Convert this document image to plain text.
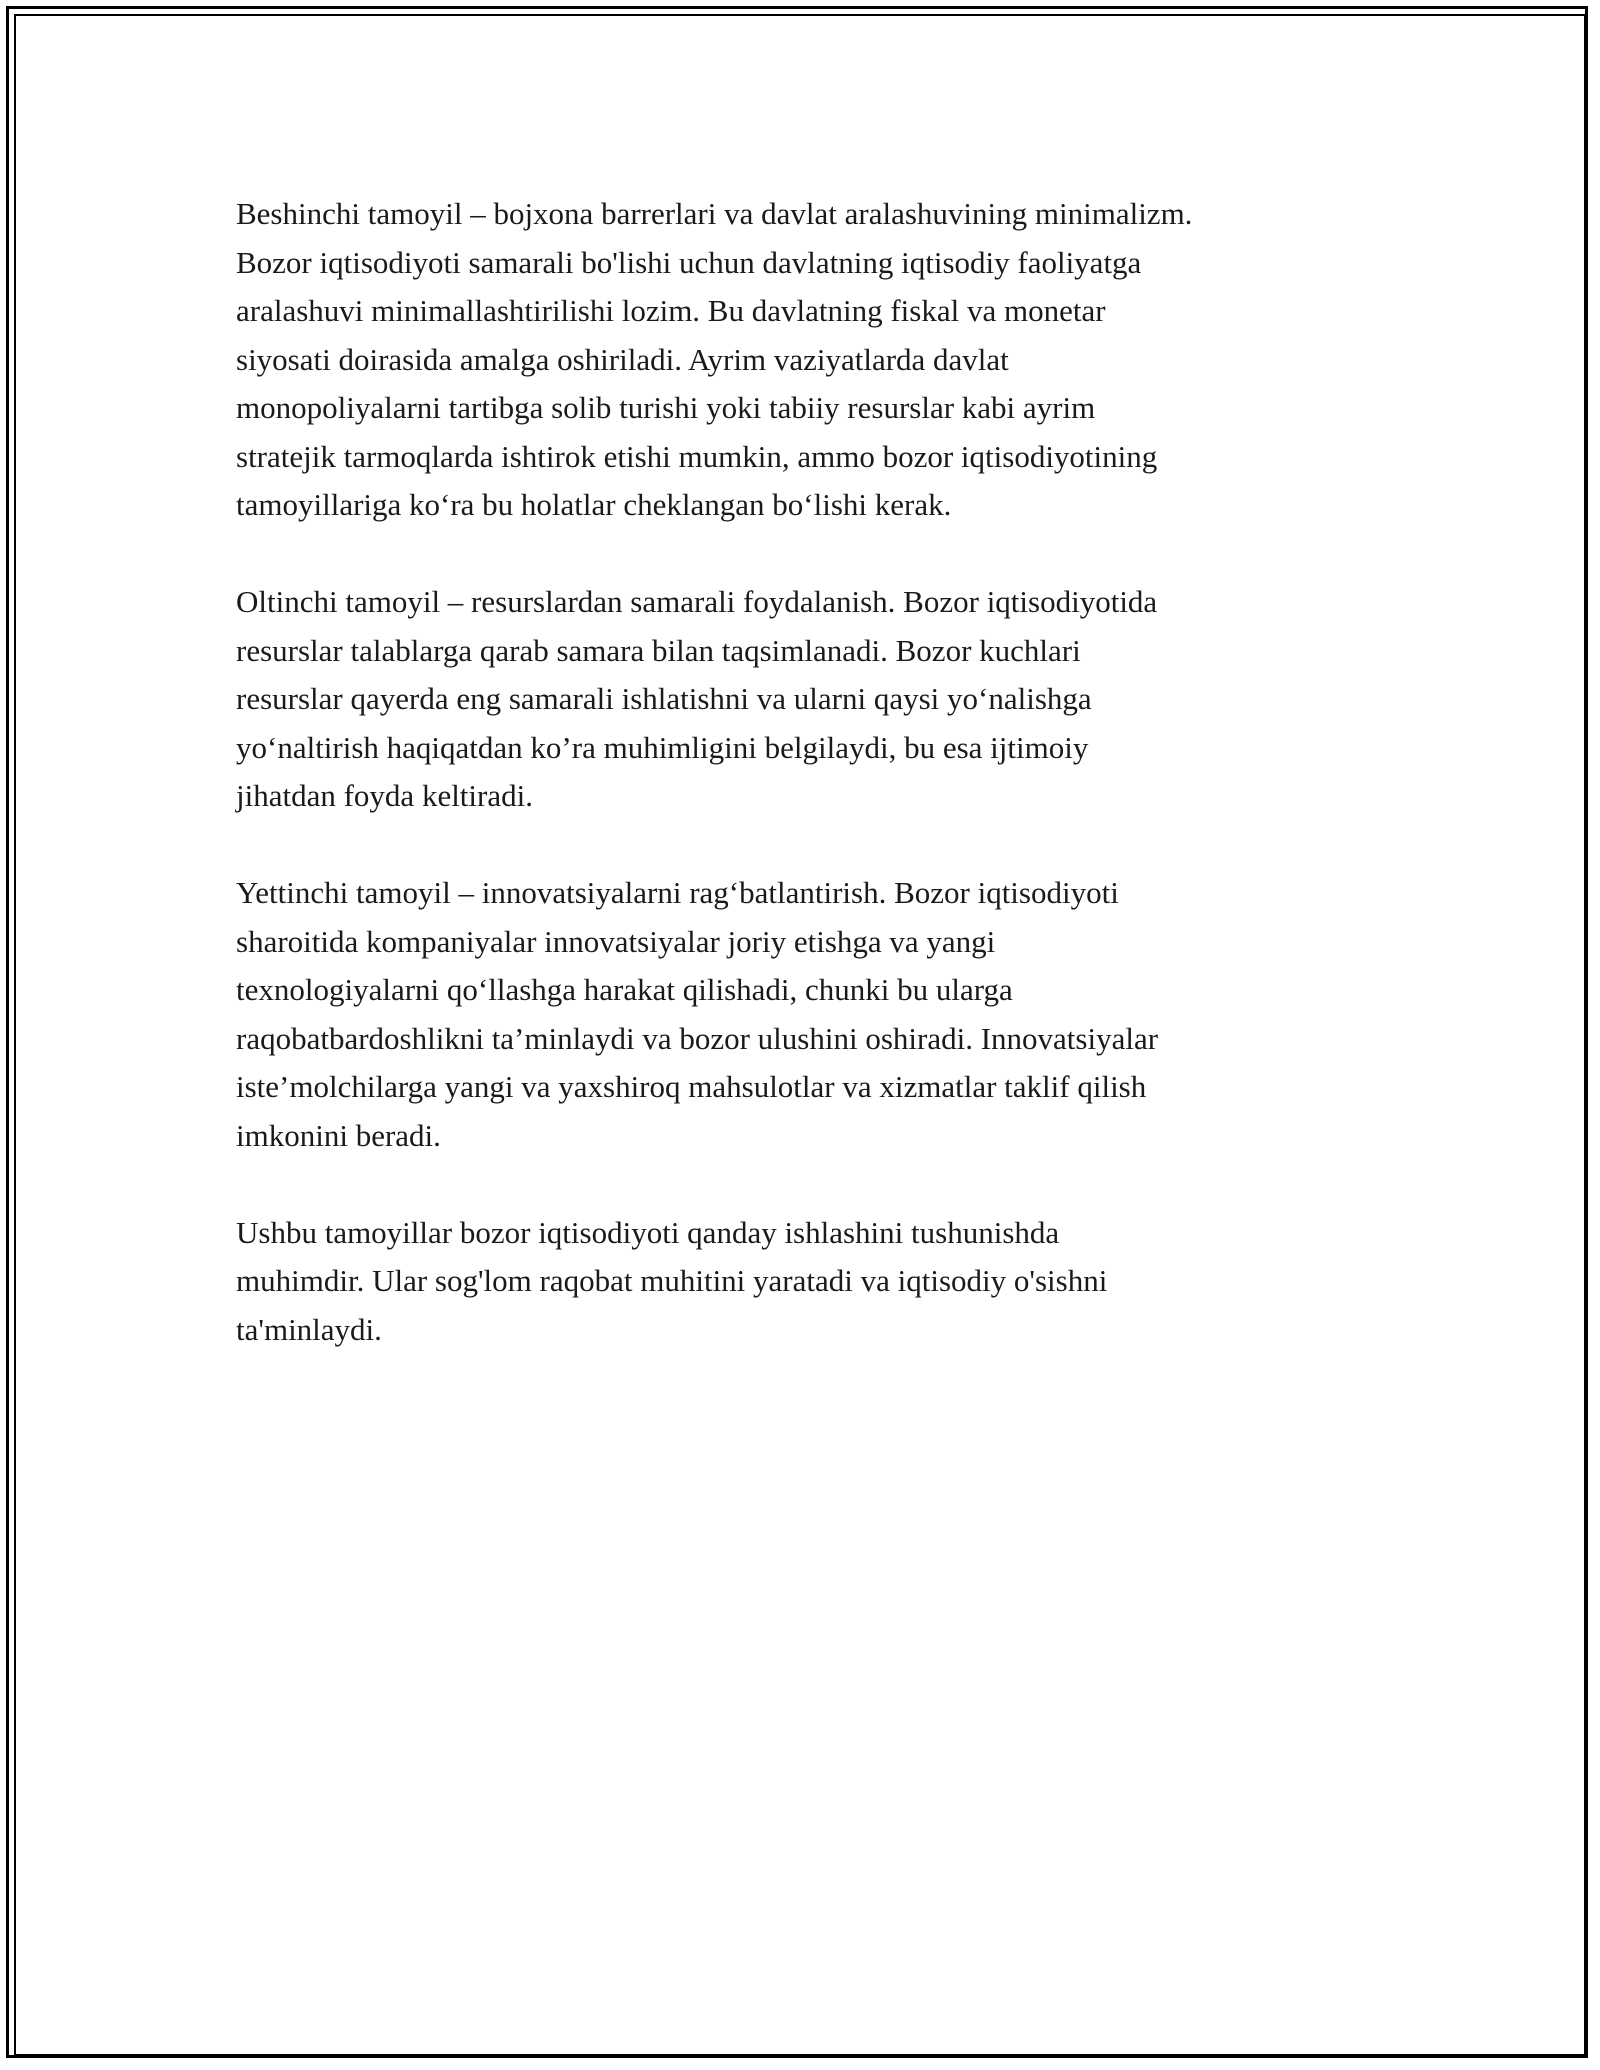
Beshinchi tamoyil – bojxona barrerlari va davlat aralashuvining minimalizm.
Bozor iqtisodiyoti samarali bo'lishi uchun davlatning iqtisodiy faoliyatga
aralashuvi minimallashtirilishi lozim. Bu davlatning fiskal va monetar
siyosati doirasida amalga oshiriladi. Ayrim vaziyatlarda davlat
monopoliyalarni tartibga solib turishi yoki tabiiy resurslar kabi ayrim
stratejik tarmoqlarda ishtirok etishi mumkin, ammo bozor iqtisodiyotining
tamoyillariga ko‘ra bu holatlar cheklangan bo‘lishi kerak.

Oltinchi tamoyil – resurslardan samarali foydalanish. Bozor iqtisodiyotida
resurslar talablarga qarab samara bilan taqsimlanadi. Bozor kuchlari
resurslar qayerda eng samarali ishlatishni va ularni qaysi yo‘nalishga
yo‘naltirish haqiqatdan ko’ra muhimligini belgilaydi, bu esa ijtimoiy
jihatdan foyda keltiradi.

Yettinchi tamoyil – innovatsiyalarni rag‘batlantirish. Bozor iqtisodiyoti
sharoitida kompaniyalar innovatsiyalar joriy etishga va yangi
texnologiyalarni qo‘llashga harakat qilishadi, chunki bu ularga
raqobatbardoshlikni ta’minlaydi va bozor ulushini oshiradi. Innovatsiyalar
iste’molchilarga yangi va yaxshiroq mahsulotlar va xizmatlar taklif qilish
imkonini beradi.

Ushbu tamoyillar bozor iqtisodiyoti qanday ishlashini tushunishda
muhimdir. Ular sog'lom raqobat muhitini yaratadi va iqtisodiy o'sishni
ta'minlaydi.
